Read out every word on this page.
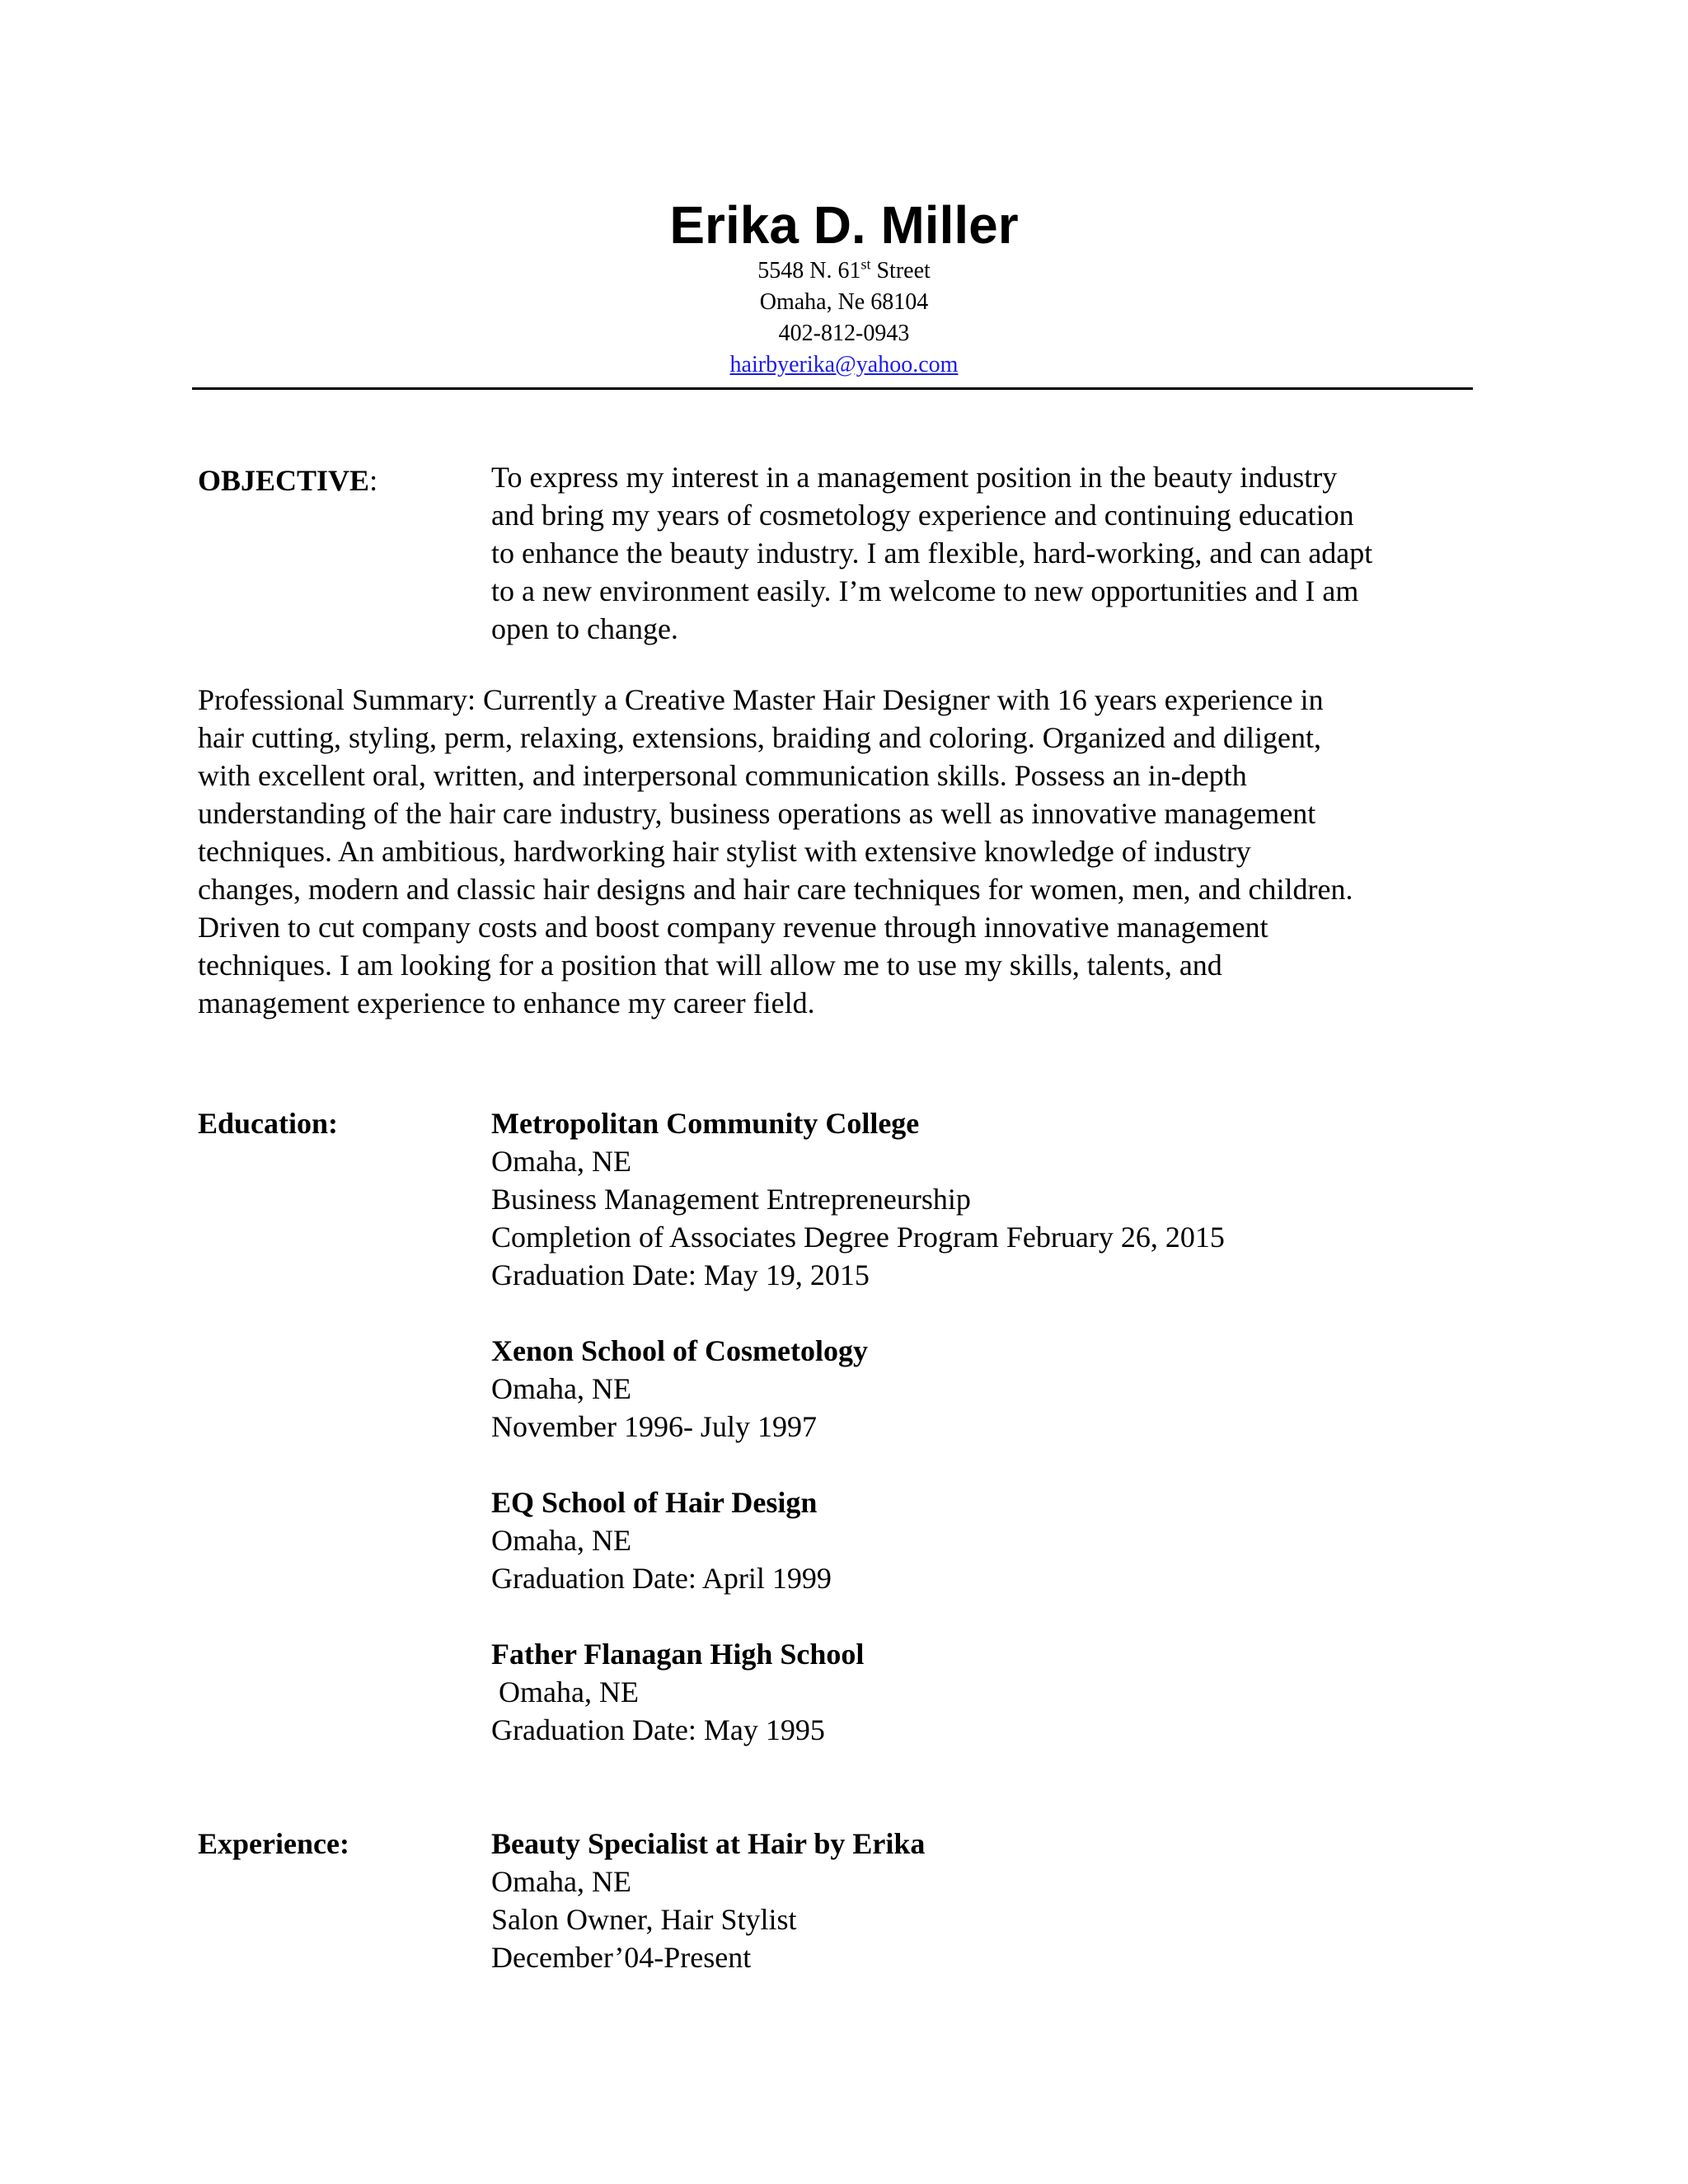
Erika D. Miller
5548 N. 61st Street
Omaha, Ne 68104
402-812-0943
hairbyerika@yahoo.com
OBJECTIVE:	To express my interest in a management position in the beauty industry

and bring my years of cosmetology experience and continuing education

to enhance the beauty industry. I am flexible, hard-working, and can adapt

to a new environment easily. I’m welcome to new opportunities and I am

open to change.

Professional Summary: Currently a Creative Master Hair Designer with 16 years experience in

hair cutting, styling, perm, relaxing, extensions, braiding and coloring. Organized and diligent,

with excellent oral, written, and interpersonal communication skills. Possess an in-depth

understanding of the hair care industry, business operations as well as innovative management

techniques. An ambitious, hardworking hair stylist with extensive knowledge of industry

changes, modern and classic hair designs and hair care techniques for women, men, and children.

Driven to cut company costs and boost company revenue through innovative management

techniques. I am looking for a position that will allow me to use my skills, talents, and

management experience to enhance my career field.

Education:	Metropolitan Community College

Omaha, NE

Business Management Entrepreneurship

Completion of Associates Degree Program February 26, 2015

Graduation Date: May 19, 2015

Xenon School of Cosmetology

Omaha, NE

November 1996- July 1997

EQ School of Hair Design

Omaha, NE

Graduation Date: April 1999

Father Flanagan High School

Omaha, NE

Graduation Date: May 1995

Experience:	Beauty Specialist at Hair by Erika

Omaha, NE

Salon Owner, Hair Stylist

December’04-Present
